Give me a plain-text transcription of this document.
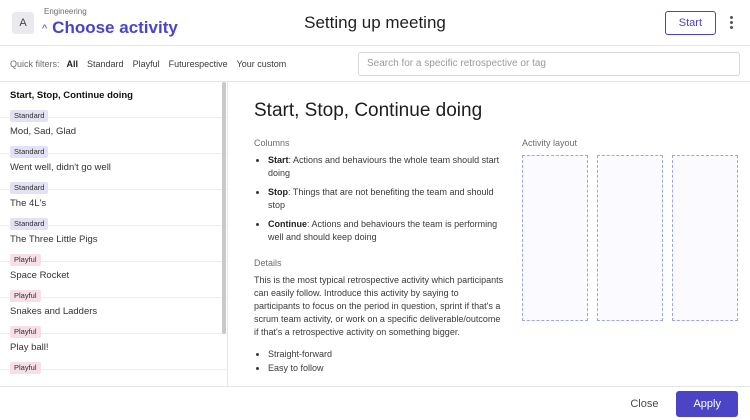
A
Engineering
^ Choose activity	Setting up meeting	Start
Quick filters: All Standard Playful Futurespective Your custom
Search for a specific retrospective or tag
Start, Stop, Continue doing
Standard
Mod, Sad, Glad
Standard
Went well, didn't go well
Standard
The 4L's
Standard
The Three Little Pigs
Playful
Space Rocket
Playful
Snakes and Ladders
Playful
Play ball!
Playful
Start, Stop, Continue doing
Columns
• Start: Actions and behaviours the whole team should start doing
• Stop: Things that are not benefiting the team and should stop
• Continue: Actions and behaviours the team is performing well and should keep doing
Details

This is the most typical retrospective activity which participants can easily follow. Introduce this activity by saying to participants to focus on the period in question, sprint if that's a scrum team activity, or work on a specific deliverable/outcome if that's a retrospective activity on something bigger.

• Straight-forward
• Easy to follow
Activity layout
Close	Apply
